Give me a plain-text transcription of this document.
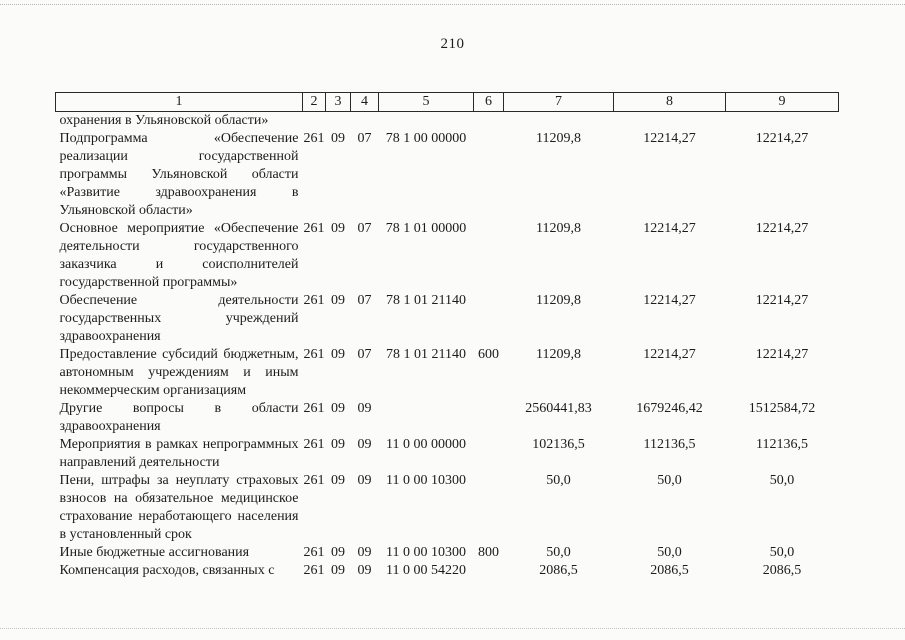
210
1	2	3	4	5	6	7	8	9
охранения в Ульяновской области»								
Подпрограмма «Обеспечение реализации государственной программы Ульяновской области «Развитие здравоохранения в Ульяновской области»	261	09	07	78 1 00 00000		11209,8	12214,27	12214,27
Основное мероприятие «Обеспечение деятельности государственного заказчика и соисполнителей государственной программы»	261	09	07	78 1 01 00000		11209,8	12214,27	12214,27
Обеспечение деятельности государственных учреждений здравоохранения	261	09	07	78 1 01 21140		11209,8	12214,27	12214,27
Предоставление субсидий бюджетным, автономным учреждениям и иным некоммерческим организациям	261	09	07	78 1 01 21140	600	11209,8	12214,27	12214,27
Другие вопросы в области здравоохранения	261	09	09			2560441,83	1679246,42	1512584,72
Мероприятия в рамках непрограммных направлений деятельности	261	09	09	11 0 00 00000		102136,5	112136,5	112136,5
Пени, штрафы за неуплату страховых взносов на обязательное медицинское страхование неработающего населения в установленный срок	261	09	09	11 0 00 10300		50,0	50,0	50,0
Иные бюджетные ассигнования	261	09	09	11 0 00 10300	800	50,0	50,0	50,0
Компенсация расходов, связанных с	261	09	09	11 0 00 54220		2086,5	2086,5	2086,5
